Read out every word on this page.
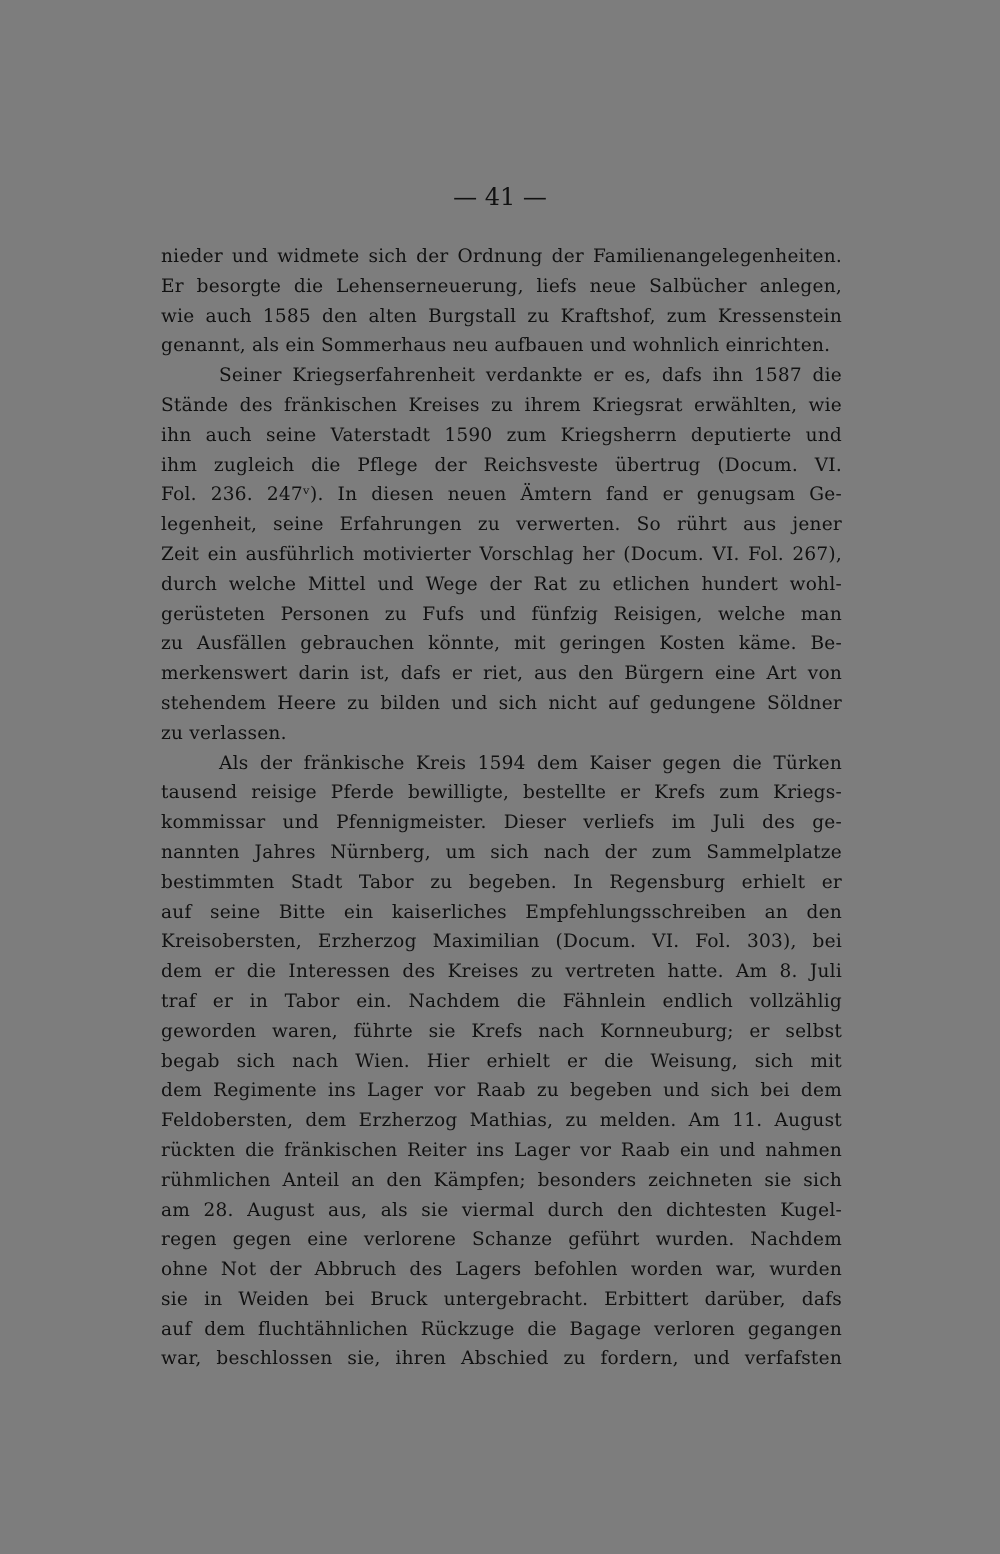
— 41 —
nieder und widmete sich der Ordnung der Familienangelegenheiten.
Er besorgte die Lehenserneuerung, liefs neue Salbücher anlegen,
wie auch 1585 den alten Burgstall zu Kraftshof, zum Kressenstein
genannt, als ein Sommerhaus neu aufbauen und wohnlich einrichten.
Seiner Kriegserfahrenheit verdankte er es, dafs ihn 1587 die
Stände des fränkischen Kreises zu ihrem Kriegsrat erwählten, wie
ihn auch seine Vaterstadt 1590 zum Kriegsherrn deputierte und
ihm zugleich die Pflege der Reichsveste übertrug (Docum. VI.
Fol. 236. 247ᵛ). In diesen neuen Ämtern fand er genugsam Ge-
legenheit, seine Erfahrungen zu verwerten. So rührt aus jener
Zeit ein ausführlich motivierter Vorschlag her (Docum. VI. Fol. 267),
durch welche Mittel und Wege der Rat zu etlichen hundert wohl-
gerüsteten Personen zu Fufs und fünfzig Reisigen, welche man
zu Ausfällen gebrauchen könnte, mit geringen Kosten käme. Be-
merkenswert darin ist, dafs er riet, aus den Bürgern eine Art von
stehendem Heere zu bilden und sich nicht auf gedungene Söldner
zu verlassen.
Als der fränkische Kreis 1594 dem Kaiser gegen die Türken
tausend reisige Pferde bewilligte, bestellte er Krefs zum Kriegs-
kommissar und Pfennigmeister. Dieser verliefs im Juli des ge-
nannten Jahres Nürnberg, um sich nach der zum Sammelplatze
bestimmten Stadt Tabor zu begeben. In Regensburg erhielt er
auf seine Bitte ein kaiserliches Empfehlungsschreiben an den
Kreisobersten, Erzherzog Maximilian (Docum. VI. Fol. 303), bei
dem er die Interessen des Kreises zu vertreten hatte. Am 8. Juli
traf er in Tabor ein. Nachdem die Fähnlein endlich vollzählig
geworden waren, führte sie Krefs nach Kornneuburg; er selbst
begab sich nach Wien. Hier erhielt er die Weisung, sich mit
dem Regimente ins Lager vor Raab zu begeben und sich bei dem
Feldobersten, dem Erzherzog Mathias, zu melden. Am 11. August
rückten die fränkischen Reiter ins Lager vor Raab ein und nahmen
rühmlichen Anteil an den Kämpfen; besonders zeichneten sie sich
am 28. August aus, als sie viermal durch den dichtesten Kugel-
regen gegen eine verlorene Schanze geführt wurden. Nachdem
ohne Not der Abbruch des Lagers befohlen worden war, wurden
sie in Weiden bei Bruck untergebracht. Erbittert darüber, dafs
auf dem fluchtähnlichen Rückzuge die Bagage verloren gegangen
war, beschlossen sie, ihren Abschied zu fordern, und verfafsten
